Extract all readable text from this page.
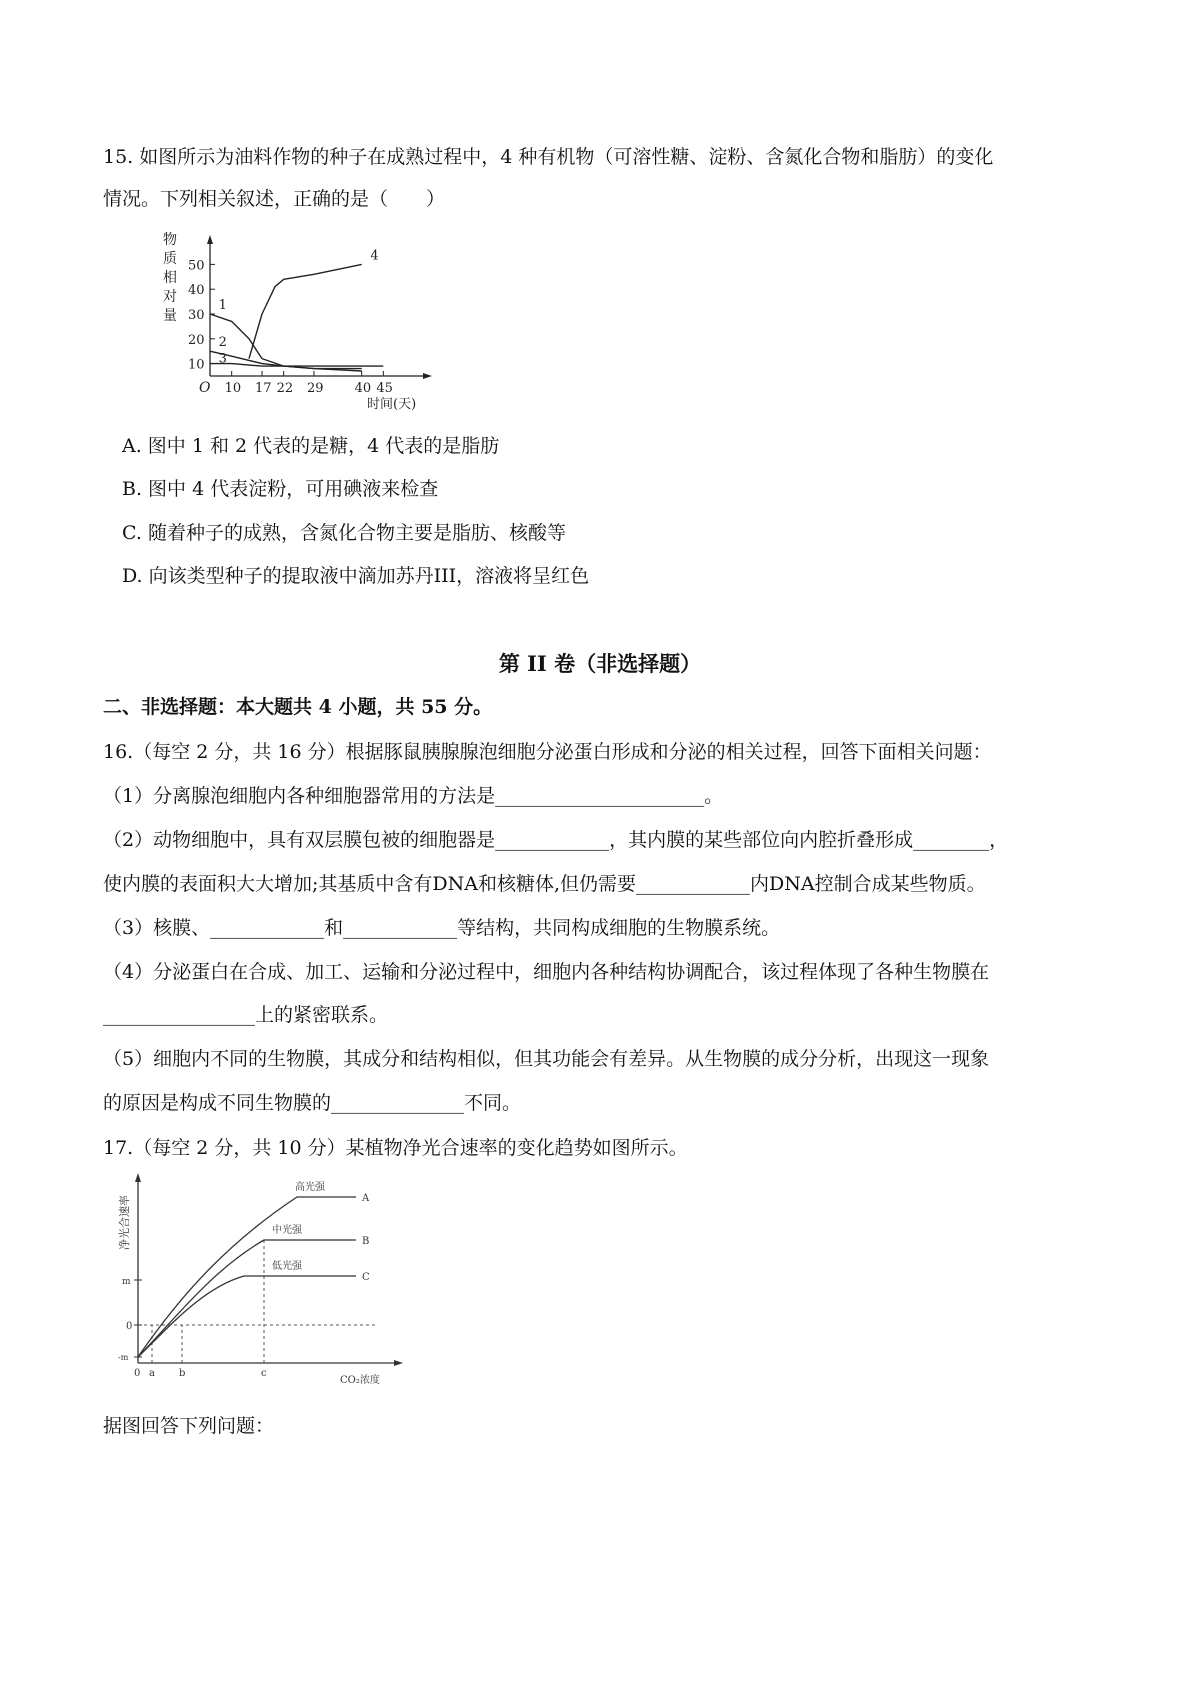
15. 如图所示为油料作物的种子在成熟过程中，4 种有机物（可溶性糖、淀粉、含氮化合物和脂肪）的变化
情况。下列相关叙述，正确的是（　　）
物
质
相
对
量
10
20
30
40
50
10 17 22 29 40 45
O
时间(天)
1
2
3
4
A. 图中 1 和 2 代表的是糖，4 代表的是脂肪
B. 图中 4 代表淀粉，可用碘液来检查
C. 随着种子的成熟，含氮化合物主要是脂肪、核酸等
D. 向该类型种子的提取液中滴加苏丹III，溶液将呈红色
第 II 卷（非选择题）
二、非选择题：本大题共 4 小题，共 55 分。
16.（每空 2 分，共 16 分）根据豚鼠胰腺腺泡细胞分泌蛋白形成和分泌的相关过程，回答下面相关问题：
（1）分离腺泡细胞内各种细胞器常用的方法是______________________。
（2）动物细胞中，具有双层膜包被的细胞器是____________，其内膜的某些部位向内腔折叠形成________，
使内膜的表面积大大增加;其基质中含有DNA和核糖体,但仍需要____________内DNA控制合成某些物质。
（3）核膜、____________和____________等结构，共同构成细胞的生物膜系统。
（4）分泌蛋白在合成、加工、运输和分泌过程中，细胞内各种结构协调配合，该过程体现了各种生物膜在
________________上的紧密联系。
（5）细胞内不同的生物膜，其成分和结构相似，但其功能会有差异。从生物膜的成分分析，出现这一现象
的原因是构成不同生物膜的______________不同。
17.（每空 2 分，共 10 分）某植物净光合速率的变化趋势如图所示。
净光合速率
m
0
-m
0 a b	c
CO₂浓度
高光强
A
中光强
B
低光强
C
据图回答下列问题：
